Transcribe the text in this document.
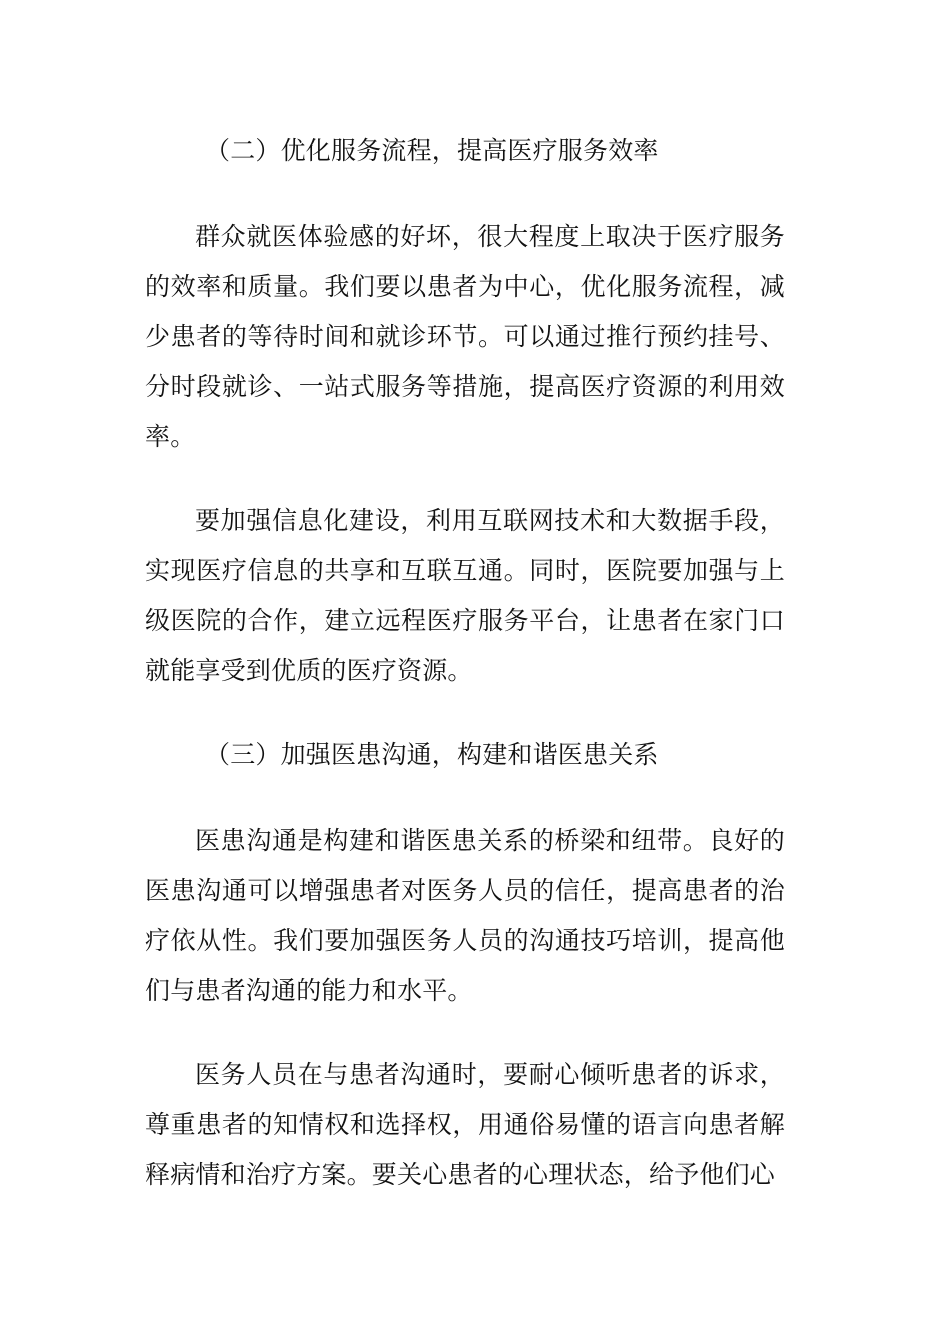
（二）优化服务流程，提高医疗服务效率
群众就医体验感的好坏，很大程度上取决于医疗服务的效率和质量。我们要以患者为中心，优化服务流程，减少患者的等待时间和就诊环节。可以通过推行预约挂号、分时段就诊、一站式服务等措施，提高医疗资源的利用效率。
要加强信息化建设，利用互联网技术和大数据手段，实现医疗信息的共享和互联互通。同时，医院要加强与上级医院的合作，建立远程医疗服务平台，让患者在家门口就能享受到优质的医疗资源。
（三）加强医患沟通，构建和谐医患关系
医患沟通是构建和谐医患关系的桥梁和纽带。良好的医患沟通可以增强患者对医务人员的信任，提高患者的治疗依从性。我们要加强医务人员的沟通技巧培训，提高他们与患者沟通的能力和水平。
医务人员在与患者沟通时，要耐心倾听患者的诉求，尊重患者的知情权和选择权，用通俗易懂的语言向患者解释病情和治疗方案。要关心患者的心理状态，给予他们心
